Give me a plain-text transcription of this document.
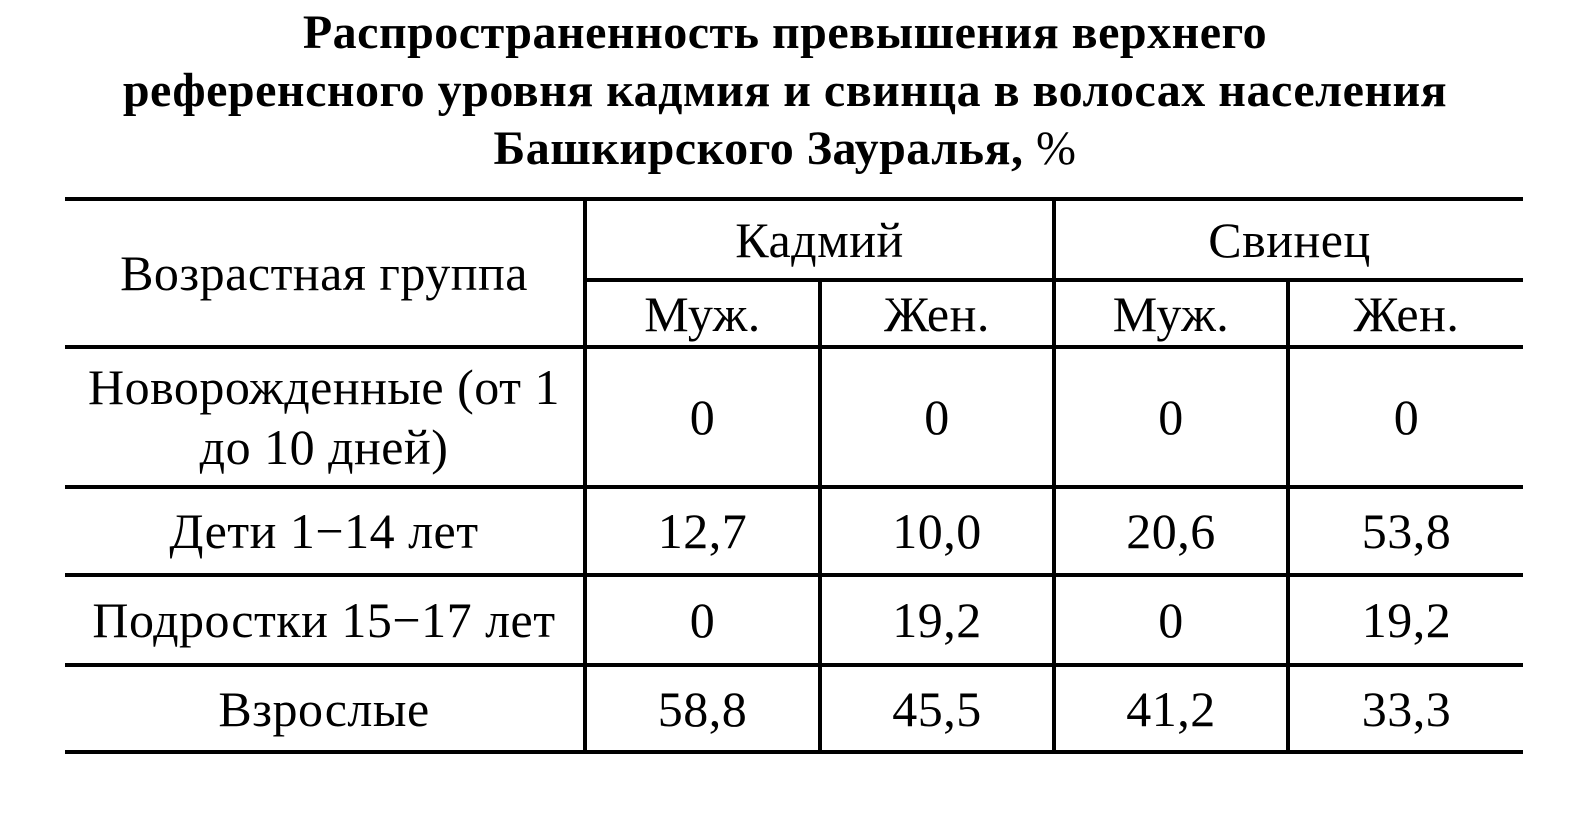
Распространенность превышения верхнего
референсного уровня кадмия и свинца в волосах населения
Башкирского Зауралья, %
Возрастная группа	Кадмий		Свинец	
	Муж.	Жен.	Муж.	Жен.
Новорожденные (от 1 до 10 дней)	0	0	0	0
Дети 1−14 лет	12,7	10,0	20,6	53,8
Подростки 15−17 лет	0	19,2	0	19,2
Взрослые	58,8	45,5	41,2	33,3
